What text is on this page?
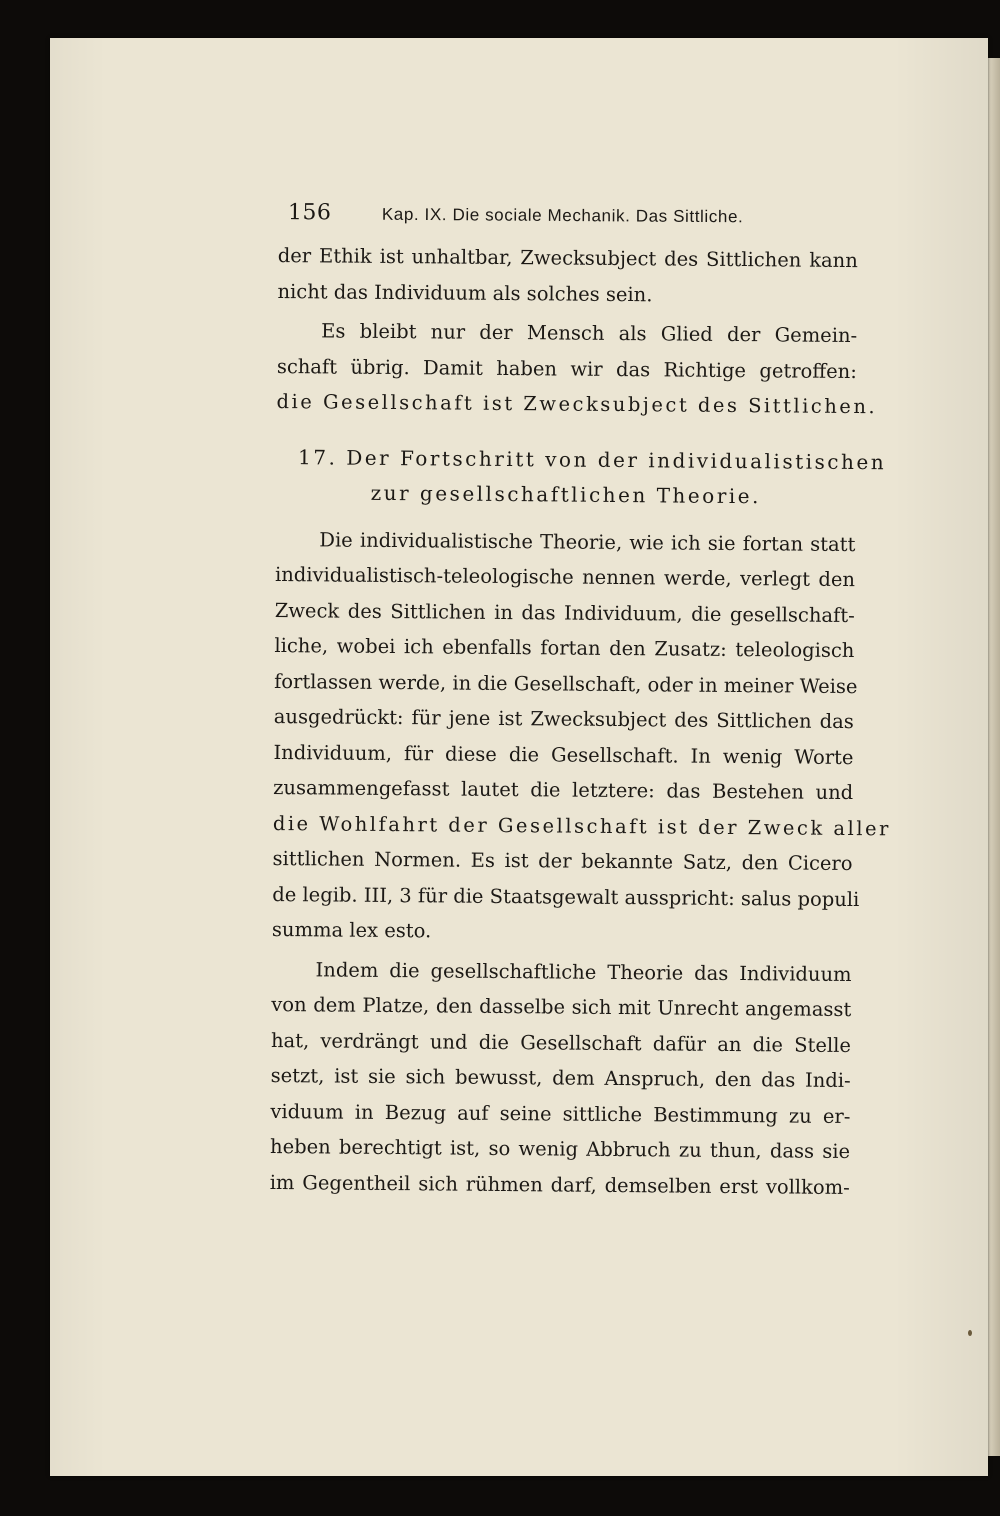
156	Kap. IX. Die sociale Mechanik. Das Sittliche.

der Ethik ist unhaltbar, Zwecksubject des Sittlichen kann
nicht das Individuum als solches sein.

Es bleibt nur der Mensch als Glied der Gemein-
schaft übrig. Damit haben wir das Richtige getroffen:
die Gesellschaft ist Zwecksubject des Sittlichen.

17. Der Fortschritt von der individualistischen
zur gesellschaftlichen Theorie.

Die individualistische Theorie, wie ich sie fortan statt
individualistisch-teleologische nennen werde, verlegt den
Zweck des Sittlichen in das Individuum, die gesellschaft-
liche, wobei ich ebenfalls fortan den Zusatz: teleologisch
fortlassen werde, in die Gesellschaft, oder in meiner Weise
ausgedrückt: für jene ist Zwecksubject des Sittlichen das
Individuum, für diese die Gesellschaft. In wenig Worte
zusammengefasst lautet die letztere: das Bestehen und
die Wohlfahrt der Gesellschaft ist der Zweck aller
sittlichen Normen. Es ist der bekannte Satz, den Cicero
de legib. III, 3 für die Staatsgewalt ausspricht: salus populi
summa lex esto.

Indem die gesellschaftliche Theorie das Individuum
von dem Platze, den dasselbe sich mit Unrecht angemasst
hat, verdrängt und die Gesellschaft dafür an die Stelle
setzt, ist sie sich bewusst, dem Anspruch, den das Indi-
viduum in Bezug auf seine sittliche Bestimmung zu er-
heben berechtigt ist, so wenig Abbruch zu thun, dass sie
im Gegentheil sich rühmen darf, demselben erst vollkom-
